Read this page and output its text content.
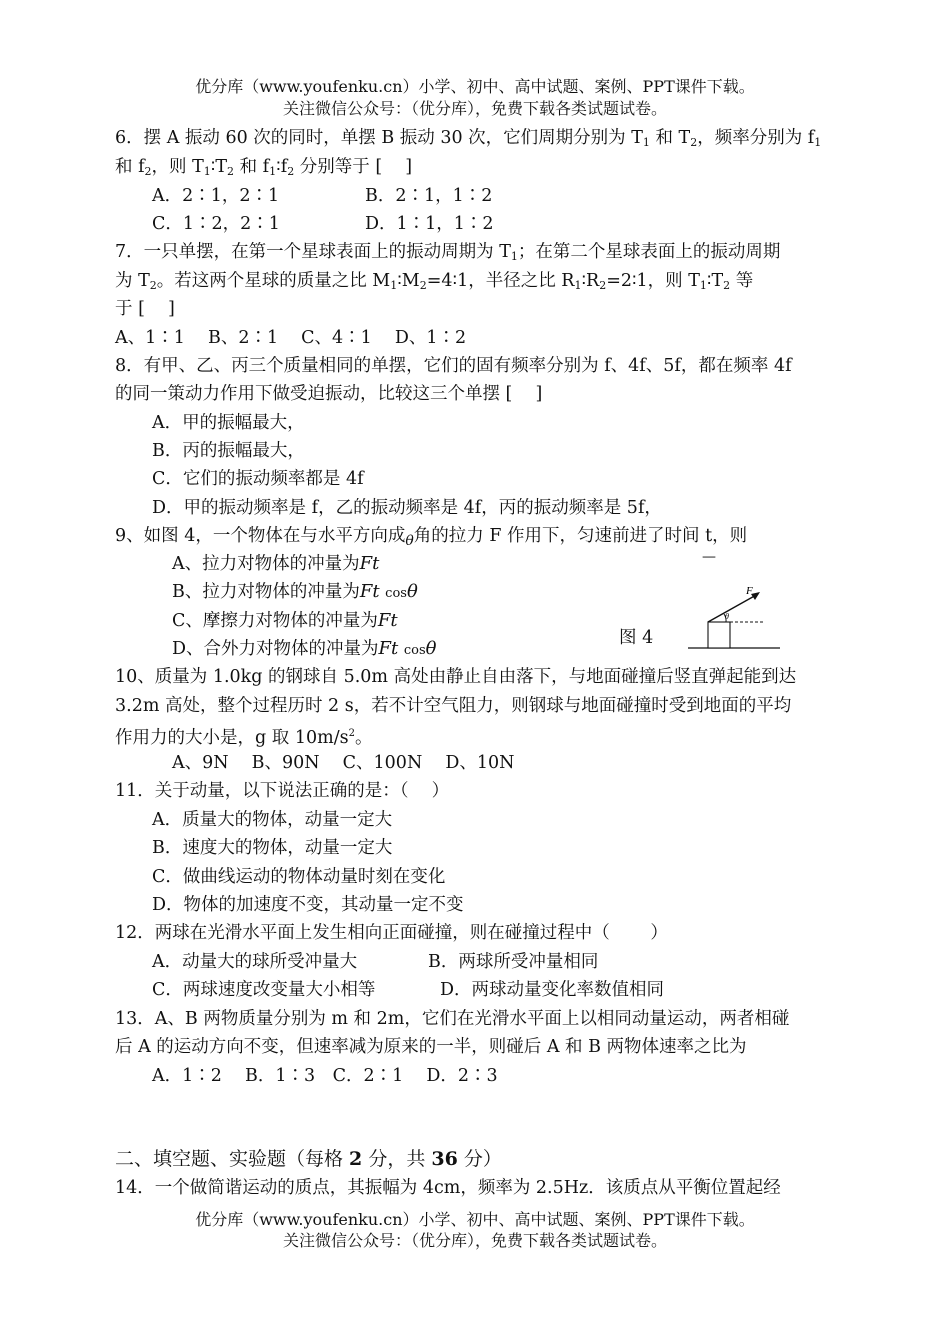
优分库（www.youfenku.cn）小学、初中、高中试题、案例、PPT课件下载。
关注微信公众号：（优分库），免费下载各类试题试卷。
6．摆 A 振动 60 次的同时，单摆 B 振动 30 次，它们周期分别为 $T_1$ 和 $T_2$，频率分别为 $f_1$
和 $f_2$，则 $T_1∶T_2$ 和 $f_1∶f_2$ 分别等于 [　 ]
A．2∶1，2∶1	B．2∶1，1∶2
C．1∶2，2∶1	D．1∶1，1∶2
7．一只单摆，在第一个星球表面上的振动周期为 $T_1$；在第二个星球表面上的振动周期
为 $T_2$。若这两个星球的质量之比 $M_1∶M_2=4∶1$，半径之比 $R_1∶R_2=2∶1$，则 $T_1∶T_2$ 等
于 [　 ]
A、1∶1　 B、2∶1　 C、4∶1　 D、1∶2
8．有甲、乙、丙三个质量相同的单摆，它们的固有频率分别为 f、4f、5f，都在频率 4f
的同一策动力作用下做受迫振动，比较这三个单摆 [　 ]
A．甲的振幅最大，
B．丙的振幅最大，
C．它们的振动频率都是 4f
D．甲的振动频率是 f，乙的振动频率是 4f，丙的振动频率是 5f，
9、如图 4，一个物体在与水平方向成$_\theta$角的拉力 F 作用下，匀速前进了时间 t，则
A、拉力对物体的冲量为Ft
B、拉力对物体的冲量为Ft cosθ
C、摩擦力对物体的冲量为Ft
D、合外力对物体的冲量为Ft cosθ
—
图 4
F
θ
10、质量为 1.0kg 的钢球自 5.0m 高处由静止自由落下，与地面碰撞后竖直弹起能到达
3.2m 高处，整个过程历时 2 s，若不计空气阻力，则钢球与地面碰撞时受到地面的平均
作用力的大小是，g 取 $10m/s^2$。
A、9N　 B、90N　 C、100N　 D、10N
11．关于动量，以下说法正确的是：（　 ）
A．质量大的物体，动量一定大
B．速度大的物体，动量一定大
C．做曲线运动的物体动量时刻在变化
D．物体的加速度不变，其动量一定不变
12．两球在光滑水平面上发生相向正面碰撞，则在碰撞过程中（　　 ）
A．动量大的球所受冲量大	B．两球所受冲量相同
C．两球速度改变量大小相等	D．两球动量变化率数值相同
13．A、B 两物质量分别为 m 和 2m，它们在光滑水平面上以相同动量运动，两者相碰
后 A 的运动方向不变，但速率减为原来的一半，则碰后 A 和 B 两物体速率之比为
A．1∶2　 B．1∶3　C．2∶1　 D．2∶3
二、填空题、实验题（每格 2 分，共 36 分）
14．一个做简谐运动的质点，其振幅为 4cm，频率为 2.5Hz．该质点从平衡位置起经
优分库（www.youfenku.cn）小学、初中、高中试题、案例、PPT课件下载。
关注微信公众号：（优分库），免费下载各类试题试卷。
